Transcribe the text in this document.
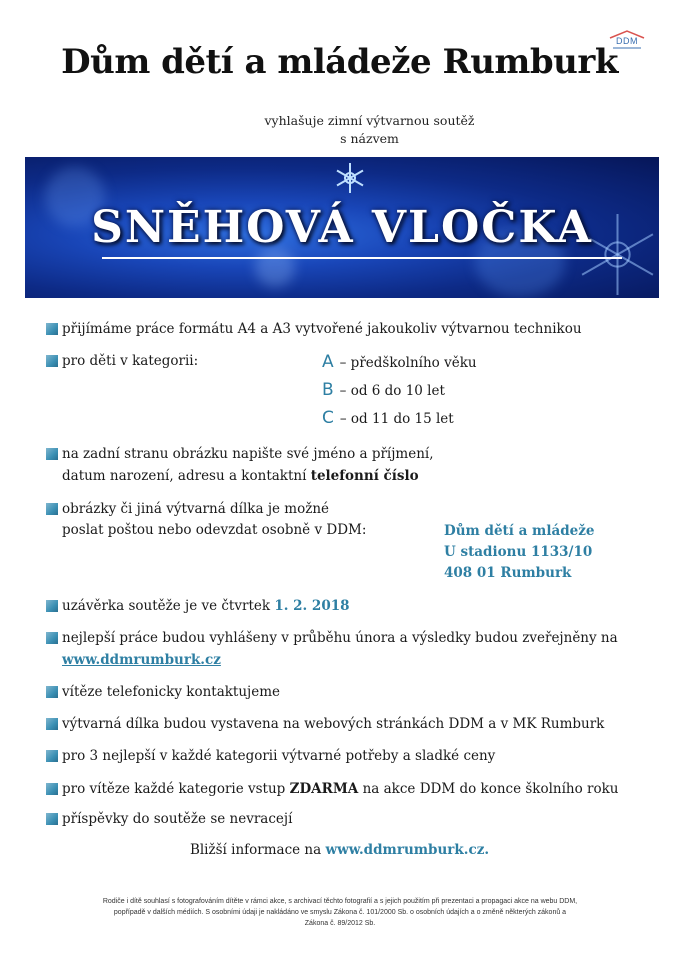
DDM
Dům dětí a mládeže Rumburk
vyhlašuje zimní výtvarnou soutěž
s názvem
SNĚHOVÁ VLOČKA
přijímáme práce formátu A4 a A3 vytvořené jakoukoliv výtvarnou technikou
pro děti v kategorii:	A – předškolního věku
B – od 6 do 10 let
C – od 11 do 15 let
na zadní stranu obrázku napište své jméno a příjmení,
datum narození, adresu a kontaktní telefonní číslo
obrázky či jiná výtvarná dílka je možné
poslat poštou nebo odevzdat osobně v DDM:	Dům dětí a mládeže
U stadionu 1133/10
408 01 Rumburk
uzávěrka soutěže je ve čtvrtek 1. 2. 2018
nejlepší práce budou vyhlášeny v průběhu února a výsledky budou zveřejněny na
www.ddmrumburk.cz
vítěze telefonicky kontaktujeme
výtvarná dílka budou vystavena na webových stránkách DDM a v MK Rumburk
pro 3 nejlepší v každé kategorii výtvarné potřeby a sladké ceny
pro vítěze každé kategorie vstup ZDARMA na akce DDM do konce školního roku
příspěvky do soutěže se nevracejí
Bližší informace na www.ddmrumburk.cz.
Rodiče i dítě souhlasí s fotografováním dítěte v rámci akce, s archivací těchto fotografií a s jejich použitím při prezentaci a propagaci akce na webu DDM,
popřípadě v dalších médiích. S osobními údaji je nakládáno ve smyslu Zákona č. 101/2000 Sb. o osobních údajích a o změně některých zákonů a
Zákona č. 89/2012 Sb.
